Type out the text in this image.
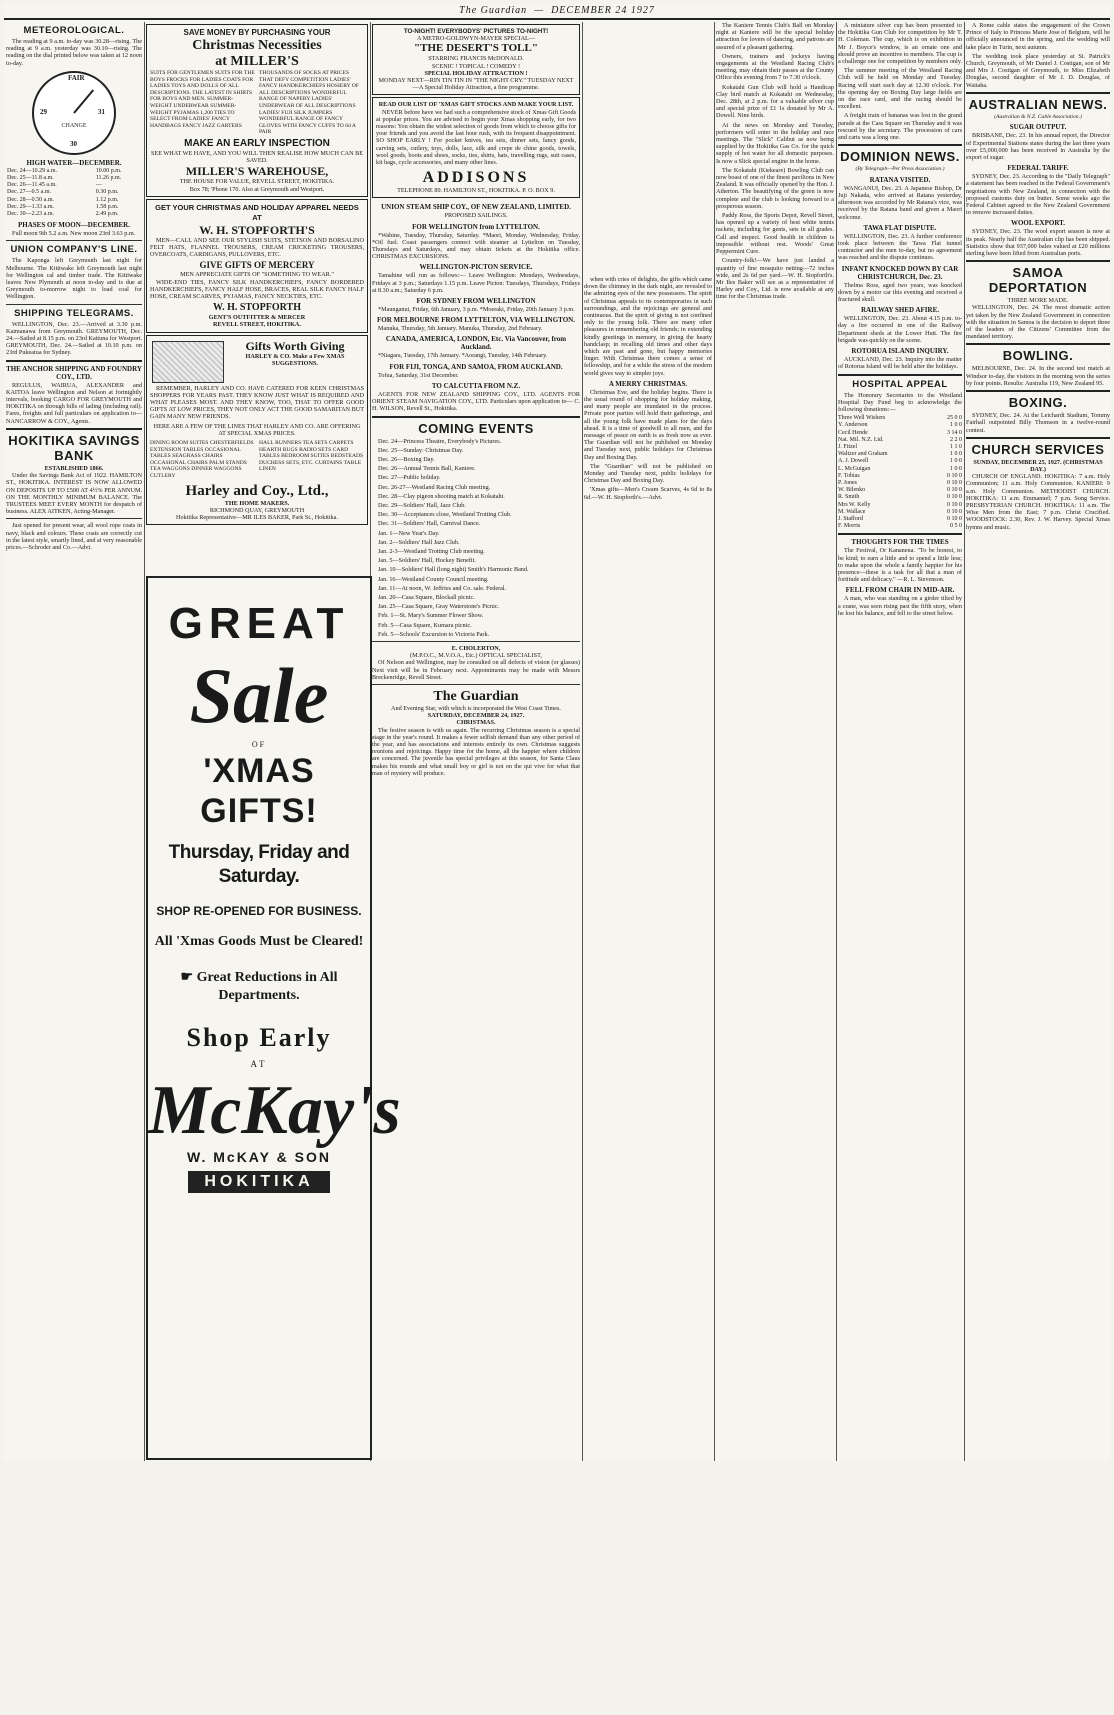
The Guardian  —  DECEMBER 24 1927
METEOROLOGICAL.

The reading at 9 a.m. to-day was 30.28—rising. The reading at 9 a.m. yesterday was 30.10—rising. The reading on the dial printed below was taken at 12 noon to-day.

FAIR
29
30
31
CHANGE
HIGH WATER—DECEMBER.
Dec. 24—10.29 a.m.	10.00 p.m.
Dec. 25—11.8 a.m.	11.26 p.m.
Dec. 26—11.45 a.m.	—
Dec. 27—0.5 a.m.	0.30 p.m.
Dec. 28—0.50 a.m.	1.12 p.m.
Dec. 29—1.33 a.m.	1.58 p.m.
Dec. 30—2.23 a.m.	2.49 p.m.
PHASES OF MOON—DECEMBER.

Full moon 9th 5.2 a.m. New moon 23rd 3.63 p.m.

UNION COMPANY'S LINE.

The Kaponga left Greymouth last night for Melbourne. The Kittiwake left Greymouth last night for Wellington cal and timber trade. The Kittiwake leaves New Plymouth at noon to-day and is due at Greymouth to-morrow night to load coal for Wellington.

SHIPPING TELEGRAMS.

WELLINGTON, Dec. 23.—Arrived at 3.30 p.m. Kaimanawa from Greymouth. GREYMOUTH, Dec. 24.—Sailed at 8.15 p.m. on 23rd Kaituna for Westport. GREYMOUTH, Dec. 24.—Sailed at 10.10 p.m. on 23rd Pukeatua for Sydney.

THE ANCHOR SHIPPING AND FOUNDRY COY., LTD.

REGULUS, WAIRUA, ALEXANDER and KAITOA leave Wellington and Nelson at fortnightly intervals, booking CARGO FOR GREYMOUTH and HOKITIKA on through bills of lading (including rail). Fares, freights and full particulars on application to— NANCARROW & COY., Agents.

HOKITIKA SAVINGS BANK
ESTABLISHED 1866.

Under the Savings Bank Act of 1922. HAMILTON ST., HOKITIKA. INTEREST IS NOW ALLOWED ON DEPOSITS UP TO £500 AT 4½% PER ANNUM. ON THE MONTHLY MINIMUM BALANCE. The TRUSTEES MEET EVERY MONTH for despatch of business. ALEX AITKEN, Acting-Manager.

Just opened for present wear, all wool rope coats in navy, black and colours. These coats are correctly cut in the latest style, smartly lined, and at very reasonable prices.—Schroder and Co.—Advt.

SAVE MONEY BY PURCHASING YOUR
Christmas Necessities
at MILLER'S
SUITS FOR GENTLEMEN SUITS FOR THE BOYS FROCKS FOR LADIES COATS FOR LADIES TOYS AND DOLLS OF ALL DESCRIPTIONS. THE LATEST IN SHIRTS FOR BOYS AND MEN. SUMMER-WEIGHT UNDERWEAR SUMMER-WEIGHT PYJAMAS 1,200 TIES TO SELECT FROM LADIES' FANCY HANDBAGS FANCY JAZZ GARTERS
THOUSANDS OF SOCKS AT PRICES THAT DEFY COMPETITION LADIES' FANCY HANDKERCHIEFS HOSIERY OF ALL DESCRIPTIONS WONDERFUL RANGE OF NAPERY LADIES' UNDERWEAR OF ALL DESCRIPTIONS LADIES' FUJI SILK JUMPERS WONDERFUL RANGE OF FANCY GLOVES WITH FANCY CUFFS TO 6d A PAIR
MAKE AN EARLY INSPECTION
SEE WHAT WE HAVE, AND YOU WILL THEN REALISE HOW MUCH CAN BE SAVED.
MILLER'S WAREHOUSE,
THE HOUSE FOR VALUE, REVELL STREET, HOKITIKA.
Box 78; 'Phone 170. Also at Greymouth and Westport.
GET YOUR CHRISTMAS AND HOLIDAY APPAREL NEEDS AT
W. H. STOPFORTH'S

MEN—CALL AND SEE OUR STYLISH SUITS, STETSON AND BORSALINO FELT HATS, FLANNEL TROUSERS, CREAM CRICKETING TROUSERS, OVERCOATS, CARDIGANS, PULLOVERS, ETC.

GIVE GIFTS OF MERCERY
MEN APPRECIATE GIFTS OF "SOMETHING TO WEAR."

WIDE-END TIES, FANCY SILK HANDKERCHIEFS, FANCY BORDERED HANDKERCHIEFS, FANCY HALF HOSE, BRACES, REAL SILK FANCY HALF HOSE, CREAM SCARVES, PYJAMAS, FANCY NECKTIES, ETC.

W. H. STOPFORTH
GENT'S OUTFITTER & MERCER
REVELL STREET, HOKITIKA.
Gifts Worth Giving
HARLEY & CO. Make a Few XMAS SUGGESTIONS.

REMEMBER, HARLEY AND CO. HAVE CATERED FOR KEEN CHRISTMAS SHOPPERS FOR YEARS PAST. THEY KNOW JUST WHAT IS REQUIRED AND WHAT PLEASES MOST. AND THEY KNOW, TOO, THAT TO OFFER GOOD GIFTS AT LOW PRICES, THEY NOT ONLY ACT THE GOOD SAMARITAN BUT GAIN MANY NEW FRIENDS.

HERE ARE A FEW OF THE LINES THAT HARLEY AND CO. ARE OFFERING AT SPECIAL XMAS PRICES.
DINING ROOM SUITES CHESTERFIELDS EXTENSION TABLES OCCASIONAL TABLES SEAGRASS CHAIRS OCCASIONAL CHAIRS PALM STANDS TEA WAGGONS DINNER WAGGONS CUTLERY
HALL RUNNERS TEA SETS CARPETS HEARTH RUGS RADIO SETS CARD TABLES BEDROOM SUITES BEDSTEADS DUCHESS SETS, ETC. CURTAINS TABLE LINEN
Harley and Coy., Ltd.,
THE HOME MAKERS.
RICHMOND QUAY, GREYMOUTH
Hokitika Representative—MR ILES BAKER, Park St., Hokitika.
GREAT
Sale
OF
'XMAS GIFTS!
Thursday, Friday and Saturday.
SHOP RE-OPENED FOR BUSINESS.
All 'Xmas Goods Must be Cleared!
☛ Great Reductions in All Departments.
Shop Early
AT
McKay's
W. McKAY & SON
HOKITIKA
TO-NIGHT! EVERYBODYS' PICTURES TO-NIGHT!
A METRO-GOLDWYN-MAYER SPECIAL—
"THE DESERT'S TOLL"
STARRING FRANCIS McDONALD.
SCENIC ! TOPICAL ! COMEDY !
SPECIAL HOLIDAY ATTRACTION !
MONDAY NEXT—RIN TIN TIN IN "THE NIGHT CRY." TUESDAY NEXT—A Special Holiday Attraction, a fine programme.
READ OUR LIST OF 'XMAS GIFT STOCKS AND MAKE YOUR LIST.

NEVER before have we had such a comprehensive stock of Xmas Gift Goods at popular prices. You are advised to begin your Xmas shopping early, for two reasons: You obtain the widest selection of goods from which to choose gifts for your friends and you avoid the last hour rush, with its frequent disappointment. SO SHOP EARLY ! For pocket knives, tea sets, dinner sets, fancy goods, carving sets, cutlery, toys, dolls, lace, silk and crepe de chine goods, towels, wool goods, boots and shoes, socks, ties, shirts, hats, travelling rugs, suit cases, kit bags, cycle accessories, and many other lines.

ADDISONS
TELEPHONE 89. HAMILTON ST., HOKITIKA. P. O. BOX 9.
UNION STEAM SHIP COY., OF NEW ZEALAND, LIMITED.
PROPOSED SAILINGS.
FOR WELLINGTON from LYTTELTON.

*Wahine, Tuesday, Thursday, Saturday. *Maori, Monday, Wednesday, Friday. *Oil fuel. Coast passengers connect with steamer at Lyttelton on Tuesday, Thursdays and Saturdays, and may obtain tickets at the Hokitika office. CHRISTMAS EXCURSIONS.

WELLINGTON-PICTON SERVICE.

Tamahine will run as follows:— Leave Wellington: Mondays, Wednesdays, Fridays at 3 p.m.; Saturdays 1.15 p.m. Leave Picton: Tuesdays, Thursdays, Fridays at 8.30 a.m.; Saturday 6 p.m.

FOR SYDNEY FROM WELLINGTON

*Maunganui, Friday, 6th January, 3 p.m. *Moeraki, Friday, 20th January 3 p.m.

FOR MELBOURNE FROM LYTTELTON, VIA WELLINGTON.

Manuka, Thursday, 5th January. Manuka, Thursday, 2nd February.

CANADA, AMERICA, LONDON, Etc. Via Vancouver, from Auckland.

*Niagara, Tuesday, 17th January. *Aorangi, Tuesday, 14th February.

FOR FIJI, TONGA, AND SAMOA, FROM AUCKLAND.

Tofua, Saturday, 31st December.

TO CALCUTTA FROM N.Z.

AGENTS FOR NEW ZEALAND SHIPPING COY., LTD. AGENTS FOR ORIENT STEAM NAVIGATION COY., LTD. Particulars upon application to— C. H. WILSON, Revell St., Hokitika.

COMING EVENTS

Dec. 24—Princess Theatre, Everybody's Pictures.

Dec. 25—Sunday: Christmas Day.

Dec. 26—Boxing Day.

Dec. 26—Annual Tennis Ball, Kaniere.

Dec. 27—Public holiday.

Dec. 26-27—Westland Racing Club meeting.

Dec. 28—Clay pigeon shooting match at Kokatahi.

Dec. 29—Soldiers' Hall, Jazz Club.

Dec. 30—Acceptances close, Westland Trotting Club.

Dec. 31—Soldiers' Hall, Carnival Dance.

Jan. 1—New Year's Day.

Jan. 2—Soldiers' Hall Jazz Club.

Jan. 2-3—Westland Trotting Club meeting.

Jan. 5—Soldiers' Hall, Hockey Benefit.

Jan. 10—Soldiers' Hall (long night) Smith's Harmonic Band.

Jan. 16—Westland County Council meeting.

Jan. 11—At noon, W. Jeffries and Co. sale. Federal.

Jan. 20—Casa Square, Blockall picnic.

Jan. 25—Casa Square, Gray Waterstone's Picnic.

Feb. 1—St. Mary's Summer Flower Show.

Feb. 5—Casa Square, Kumara picnic.

Feb. 5—Schools' Excursion to Victoria Park.

E. CHOLERTON,
(M.P.O.C., M.V.O.A., Etc.) OPTICAL SPECIALIST,

Of Nelson and Wellington, may be consulted on all defects of vision (or glasses) Next visit will be in February next. Appointments may be made with Messrs Breckenridge, Revell Street.

The Guardian
And Evening Star, with which is incorporated the West Coast Times.
SATURDAY, DECEMBER 24, 1927.
CHRISTMAS.

The festive season is with us again. The recurring Christmas season is a special stage in the year's round. It makes a fewer selfish demand than any other period of the year, and has associations and interests entirely its own. Christmas suggests reunions and rejoicings. Happy time for the home, all the happier where children are concerned. The juvenile has special privileges at this season, for Santa Claus makes his rounds and what small boy or girl is not on the qui vive for what that man of mystery will produce.

when with cries of delights, the gifts which came down the chimney in the dark night, are revealed to the admiring eyes of the new possessors. The spirit of Christmas appeals to its contemporaries in such surroundings, and the rejoicings are general and continuous. But the spirit of giving is not confined only to the young folk. There are many other pleasures in remembering old friends; in extending kindly greetings in memory, in giving the hearty handclasp; in recalling old times and other days which are past and gone, but happy memories linger. With Christmas there comes a sense of fellowship, and for a while the stress of the modern world gives way to simpler joys.

A MERRY CHRISTMAS.

Christmas Eve, and the holiday begins. There is the usual round of shopping for holiday making, and many people are inundated in the process. Private poor parties will hold their gatherings, and all the young folk have made plans for the days ahead. It is a time of goodwill to all men, and the message of peace on earth is as fresh now as ever. The Guardian will not be published on Monday and Tuesday next, public holidays for Christmas Day and Boxing Day.

The "Guardian" will not be published on Monday and Tuesday next, public holidays for Christmas Day and Boxing Day.

'Xmas gifts—Men's Cream Scarves, 4s 6d to 8s 6d.—W. H. Stopforth's.—Advt.

The Kaniere Tennis Club's Ball on Monday night at Kaniere will be the special holiday attraction for lovers of dancing, and patrons are assured of a pleasant gathering.

Owners, trainers and jockeys having engagements at the Westland Racing Club's meeting, may obtain their passes at the County Office this evening from 7 to 7.30 o'clock.

Kokatahi Gun Club will hold a Handicap Clay bird match at Kokatahi on Wednesday, Dec. 28th, at 2 p.m. for a valuable silver cup and special prize of £1 1s donated by Mr A. Dowell. Nine birds.

At the news on Monday and Tuesday, performers will enter in the holiday and race meetings. The "Slick" Calibut as now being supplied by the Hokitika Gas Co. for the quick supply of hot water for all domestic purposes. Is now a Slick special engine in the home.

The Kokatahi (Kiekeare) Bowling Club can now boast of one of the finest pavilions in New Zealand. It was officially opened by the Hon. J. Atherton. The beautifying of the green is now complete and the club is looking forward to a prosperous season.

Paddy Ross, the Sports Depot, Revell Street, has opened up a variety of best white tennis rackets, including for gents, sets in all grades. Call and inspect. Good health in children is impossible without rest. Woods' Great Peppermint Cure.

Country-folk!—We have just landed a quantity of fine mosquito netting—72 inches wide, and 2s 6d per yard.—W. H. Stopforth's. Mr Iles Baker will see as a representative of Harley and Coy., Ltd. is now available at any time for the Christmas trade.

A miniature silver cup has been presented to the Hokitika Gun Club for competition by Mr T. H. Coleman. The cup, which is on exhibition in Mr J. Boyce's window, is an ornate one and should prove an incentive to members. The cup is a challenge one for competition by members only.

The summer meeting of the Westland Racing Club will be held on Monday and Tuesday. Racing will start each day at 12.30 o'clock. For the opening day on Boxing Day large fields are on the race card, and the racing should be excellent.

A freight train of bananas was lost in the grand parade at the Cass Square on Thursday and it was rescued by the secretary. The procession of cars and carts was a long one.

DOMINION NEWS.
(By Telegraph—Per Press Association.)
RATANA VISITED.

WANGANUI, Dec. 23. A Japanese Bishop, Dr Juji Nakada, who arrived at Ratana yesterday, afternoon was accorded by Mr Ratana's vice, was received by the Ratana band and given a Maori welcome.

TAWA FLAT DISPUTE.

WELLINGTON, Dec. 23. A further conference took place between the Tawa Flat tunnel contractor and the men to-day, but no agreement was reached and the dispute continues.

INFANT KNOCKED DOWN BY CAR CHRISTCHURCH, Dec. 23.

Thelma Ross, aged two years, was knocked down by a motor car this evening and received a fractured skull.

RAILWAY SHED AFIRE.

WELLINGTON, Dec. 23. About 4.15 p.m. to-day a fire occurred in one of the Railway Department sheds at the Lower Hutt. The fire brigade was quickly on the scene.

ROTORUA ISLAND INQUIRY.

AUCKLAND, Dec. 23. Inquiry into the matter of Rotorua Island will be held after the holidays.

HOSPITAL APPEAL

The Honorary Secretaries to the Westland Hospital Day Fund beg to acknowledge the following donations:—

Three Well Wishers	25 0 0
Y. Anderson	1 0 0
Cecil Hende	3 14 0
Nat. Mil. N.Z. Ltd.	2 2 0
J. Fitzel	1 1 0
Waltzer and Graham	1 0 0
A. J. Dowell	1 0 0
L. McGuigan	1 0 0
F. Tobias	0 10 0
P. Jones	0 10 0
W. Bilenko	0 10 0
R. Smith	0 10 0
Mrs W. Kelly	0 10 0
M. Wallace	0 10 0
J. Stafford	0 10 0
F. Morris	0 5 0
THOUGHTS FOR THE TIMES

The Festival, Or Kananena. "To be honest, to be kind; to earn a little and to spend a little less; to make upon the whole a family happier for his presence—these is a task for all that a man of fortitude and delicacy." —R. L. Stevenson.

FELL FROM CHAIR IN MID-AIR.

A man, who was standing on a girder tilted by a crane, was seen rising past the fifth story, when he lost his balance, and fell to the street below.

A Rome cable states the engagement of the Crown Prince of Italy to Princess Marie Jose of Belgium, will be officially announced in the spring, and the wedding will take place in Turin, next autumn.

The wedding took place yesterday at St. Patrick's Church, Greymouth, of Mr Daniel J. Costigan, son of Mr and Mrs J. Costigan of Greymouth, to Miss Elizabeth Douglas, second daughter of Mr J. D. Douglas, of Waitaha.

AUSTRALIAN NEWS.
(Australian & N.Z. Cable Association.)
SUGAR OUTPUT.

BRISBANE, Dec. 23. In his annual report, the Director of Experimental Stations states during the last three years over £5,000,000 has been received in Australia by the export of sugar.

FEDERAL TARIFF.

SYDNEY, Dec. 23. According to the "Daily Telegraph" a statement has been reached in the Federal Government's negotiations with New Zealand, in connection with the proposed customs duty on butter. Some weeks ago the Federal Cabinet agreed to the New Zealand Government to remove increased duties.

WOOL EXPORT.

SYDNEY, Dec. 23. The wool export season is now at its peak. Nearly half the Australian clip has been shipped. Statistics show that 937,000 bales valued at £20 millions sterling have been lifted from Australian ports.

SAMOA DEPORTATION
THREE MORE MADE.

WELLINGTON, Dec. 24. The most dramatic action yet taken by the New Zealand Government in connection with the situation in Samoa is the decision to deport three of the leaders of the Citizens' Committee from the mandated territory.

BOWLING.

MELBOURNE, Dec. 24. In the second test match at Windsor to-day, the visitors in the morning won the series by four points. Results: Australia 119, New Zealand 95.

BOXING.

SYDNEY, Dec. 24. At the Leichardt Stadium, Tommy Fairhall outpointed Billy Thomson in a twelve-round contest.

CHURCH SERVICES
SUNDAY, DECEMBER 25, 1927. (CHRISTMAS DAY.)

CHURCH OF ENGLAND. HOKITIKA: 7 a.m. Holy Communion; 11 a.m. Holy Communion. KANIERI: 9 a.m. Holy Communion. METHODIST CHURCH. HOKITIKA: 11 a.m. Emmanuel; 7 p.m. Song Service. PRESBYTERIAN CHURCH. HOKITIKA: 11 a.m. The Wise Men from the East; 7 p.m. Christ Crucified. WOODSTOCK: 2.30, Rev. J. W. Harvey. Special Xmas hymns and music.
